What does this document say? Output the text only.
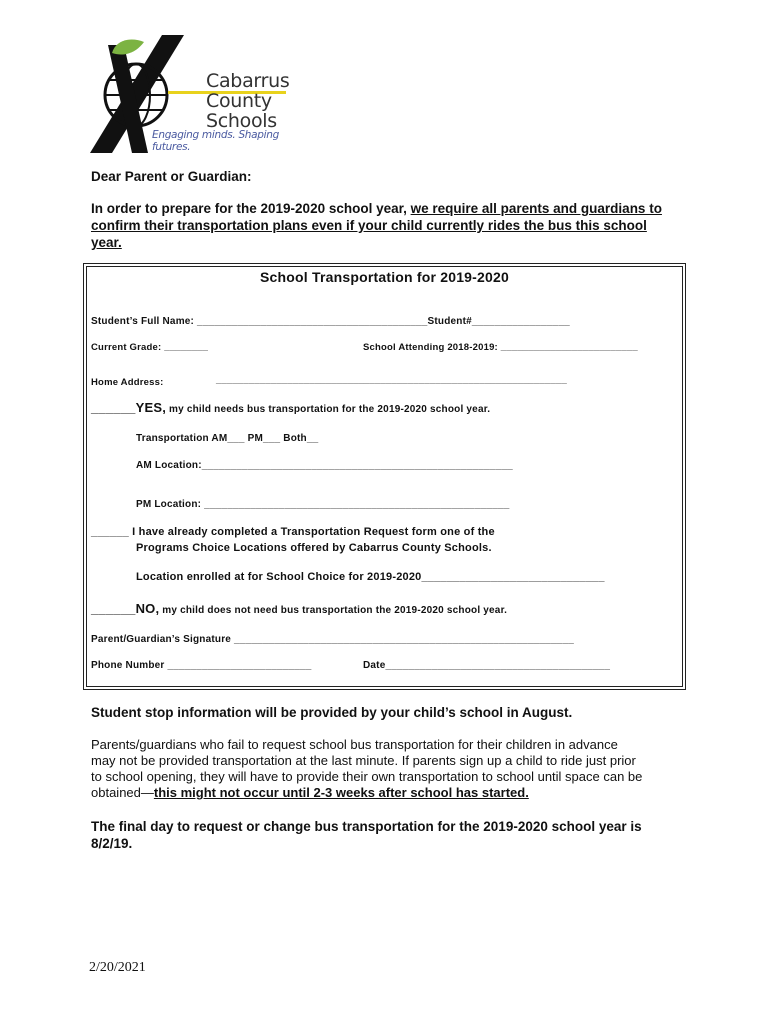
Cabarrus
County Schools
Engaging minds. Shaping futures.
Dear Parent or Guardian:
In order to prepare for the 2019-2020 school year, we require all parents and guardians to
confirm their transportation plans even if your child currently rides the bus this school
year.
School Transportation for 2019-2020
Student’s Full Name: ________________________________________Student#_________________
Current Grade: ________	School Attending 2018-2019: _________________________
Home Address:	________________________________________________________________
______YES, my child needs bus transportation for the 2019-2020 school year.
Transportation AM___ PM___ Both__
AM Location:______________________________________________________
PM Location: _____________________________________________________
______ I have already completed a Transportation Request form one of the
Programs Choice Locations offered by Cabarrus County Schools.
Location enrolled at for School Choice for 2019-2020_____________________________
______NO, my child does not need bus transportation the 2019-2020 school year.
Parent/Guardian’s Signature ___________________________________________________________
Phone Number _________________________	Date_______________________________________
Student stop information will be provided by your child’s school in August.
Parents/guardians who fail to request school bus transportation for their children in advance
may not be provided transportation at the last minute. If parents sign up a child to ride just prior
to school opening, they will have to provide their own transportation to school until space can be
obtained—this might not occur until 2-3 weeks after school has started.
The final day to request or change bus transportation for the 2019-2020 school year is
8/2/19.
2/20/2021
